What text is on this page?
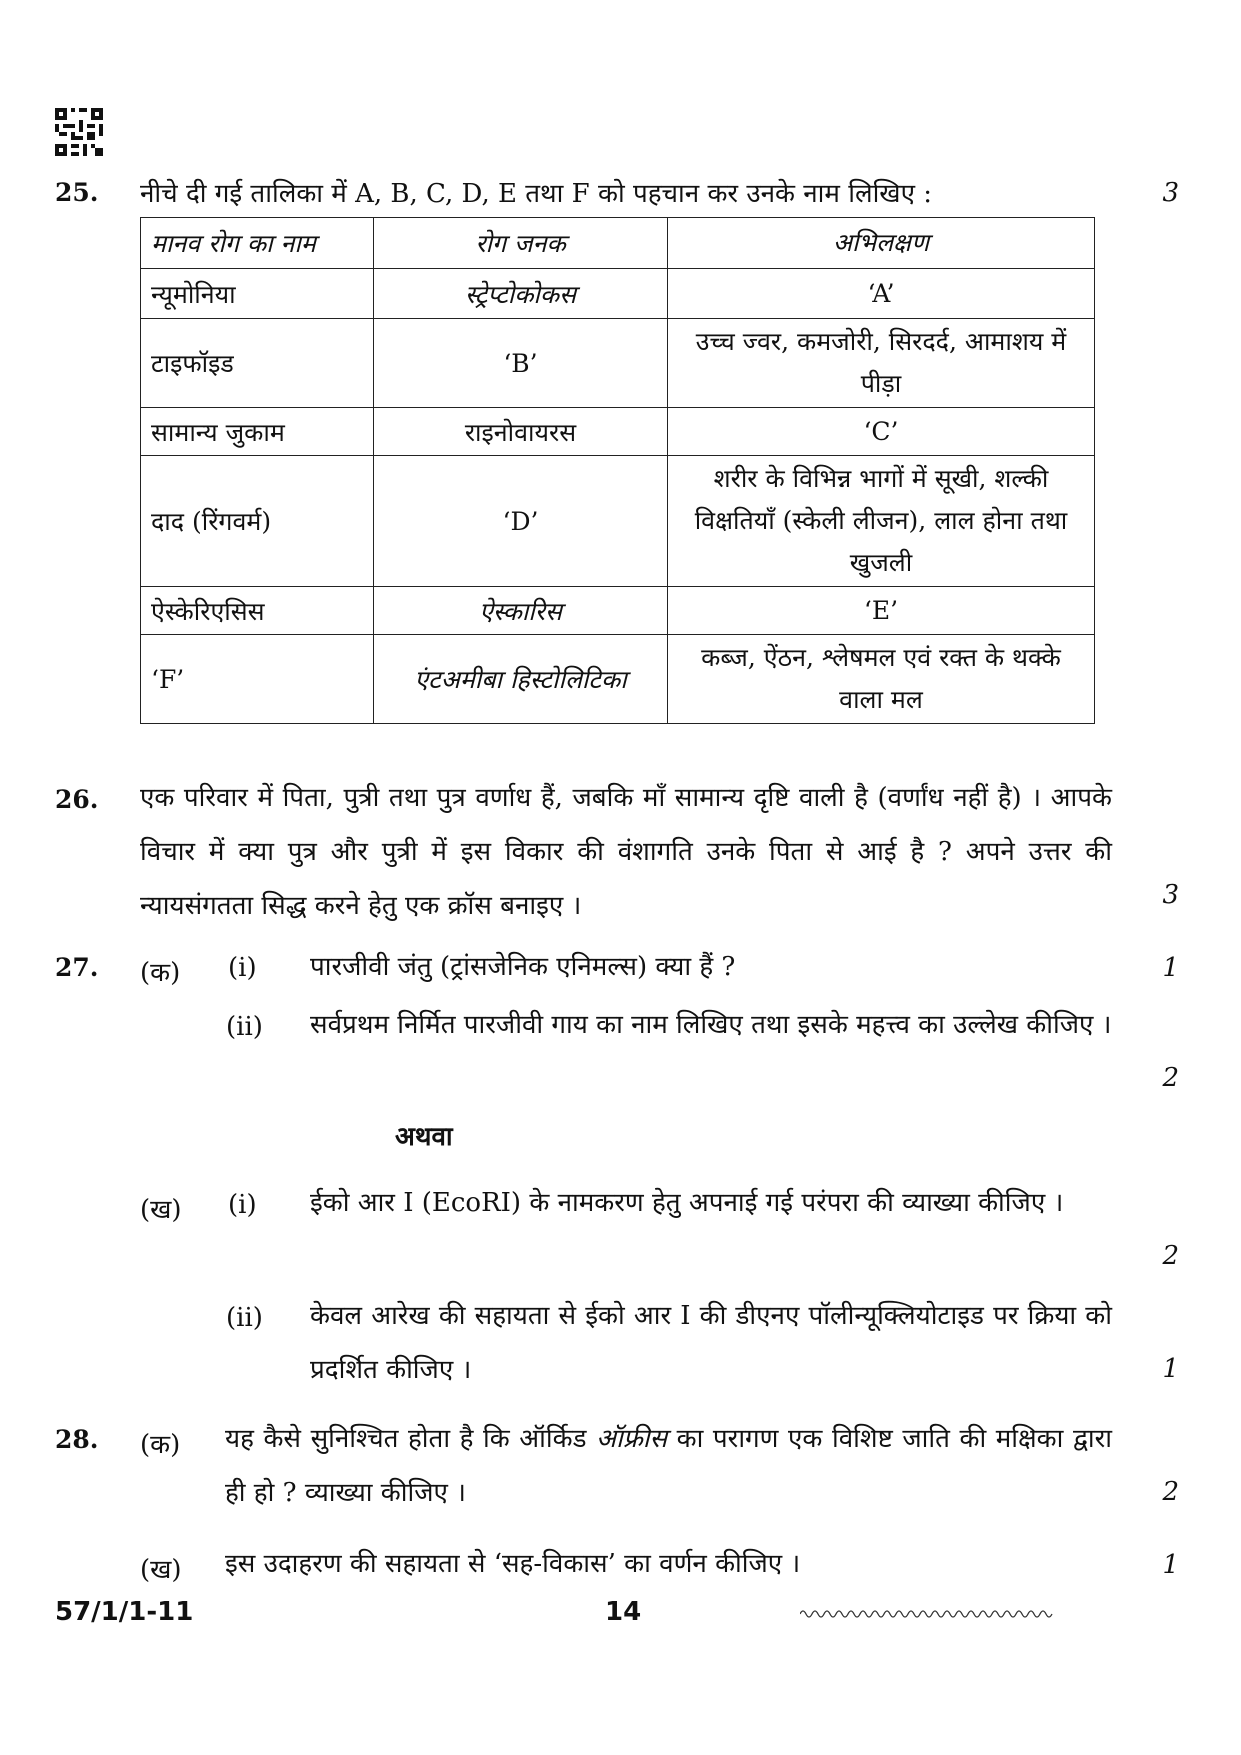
25. नीचे दी गई तालिका में A, B, C, D, E तथा F को पहचान कर उनके नाम लिखिए :	3
मानव रोग का नाम	रोग जनक	अभिलक्षण
न्यूमोनिया	स्ट्रेप्टोकोकस	‘A’
टाइफॉइड	‘B’	उच्च ज्वर, कमजोरी, सिरदर्द, आमाशय में पीड़ा
सामान्य जुकाम	राइनोवायरस	‘C’
दाद (रिंगवर्म)	‘D’	शरीर के विभिन्न भागों में सूखी, शल्की विक्षतियाँ (स्केली लीजन), लाल होना तथा खुजली
ऐस्केरिएसिस	ऐस्कारिस	‘E’
‘F’	एंटअमीबा हिस्टोलिटिका	कब्ज, ऐंठन, श्लेषमल एवं रक्त के थक्के वाला मल
26. एक परिवार में पिता, पुत्री तथा पुत्र वर्णाध हैं, जबकि माँ सामान्य दृष्टि वाली है (वर्णांध नहीं है) । आपके विचार में क्या पुत्र और पुत्री में इस विकार की वंशागति उनके पिता से आई है ? अपने उत्तर की न्यायसंगतता सिद्ध करने हेतु एक क्रॉस बनाइए ।	3
27. (क) (i) पारजीवी जंतु (ट्रांसजेनिक एनिमल्स) क्या हैं ?	1
(ii) सर्वप्रथम निर्मित पारजीवी गाय का नाम लिखिए तथा इसके महत्त्व का उल्लेख कीजिए ।
2
अथवा
(ख) (i) ईको आर I (EcoRI) के नामकरण हेतु अपनाई गई परंपरा की व्याख्या कीजिए ।
2
(ii) केवल आरेख की सहायता से ईको आर I की डीएनए पॉलीन्यूक्लियोटाइड पर क्रिया को प्रदर्शित कीजिए ।	1
28. (क) यह कैसे सुनिश्चित होता है कि ऑर्किड ऑफ्रीस का परागण एक विशिष्ट जाति की मक्षिका द्वारा ही हो ? व्याख्या कीजिए ।	2
(ख) इस उदाहरण की सहायता से ‘सह-विकास’ का वर्णन कीजिए ।	1
57/1/1-11	14
